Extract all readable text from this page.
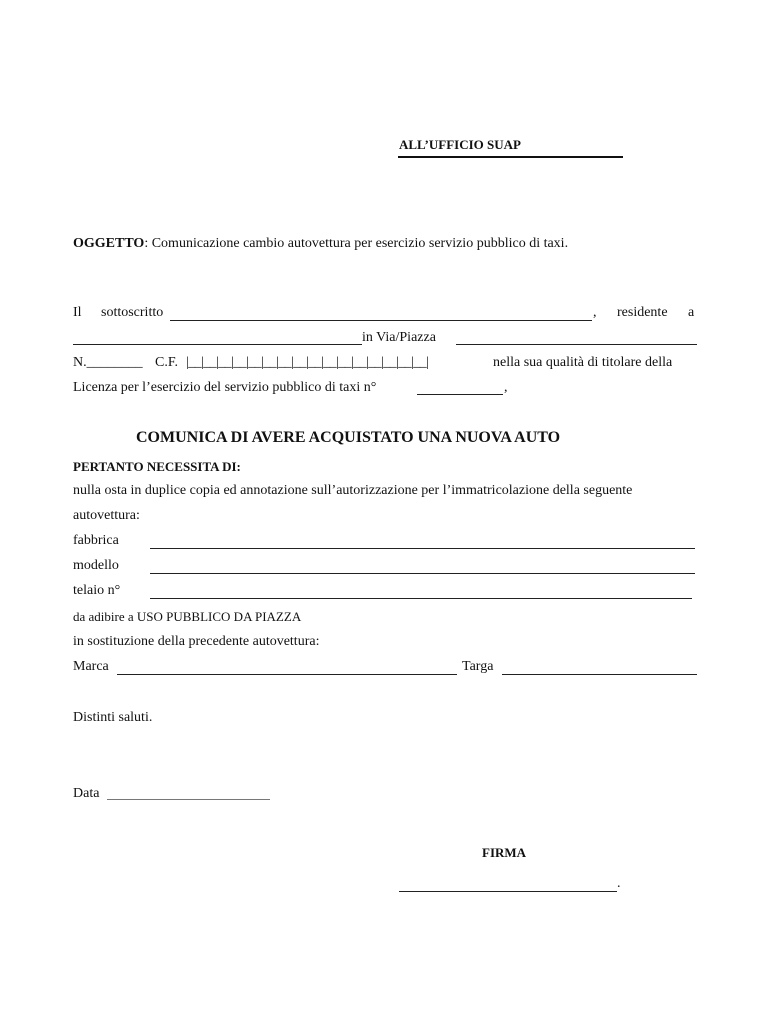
ALL’UFFICIO SUAP
OGGETTO: Comunicazione cambio autovettura per esercizio servizio pubblico di taxi.
Il sottoscritto	, residente a
in Via/Piazza
N.________ C.F. |__|__|__|__|__|__|__|__|__|__|__|__|__|__|__|__|	nella sua qualità di titolare della
Licenza per l’esercizio del servizio pubblico di taxi n°	,
COMUNICA DI AVERE ACQUISTATO UNA NUOVA AUTO
PERTANTO NECESSITA DI:
nulla osta in duplice copia ed annotazione sull’autorizzazione per l’immatricolazione della seguente
autovettura:
fabbrica
modello
telaio n°
da adibire a USO PUBBLICO DA PIAZZA
in sostituzione della precedente autovettura:
Marca	Targa
Distinti saluti.
Data
FIRMA
.
